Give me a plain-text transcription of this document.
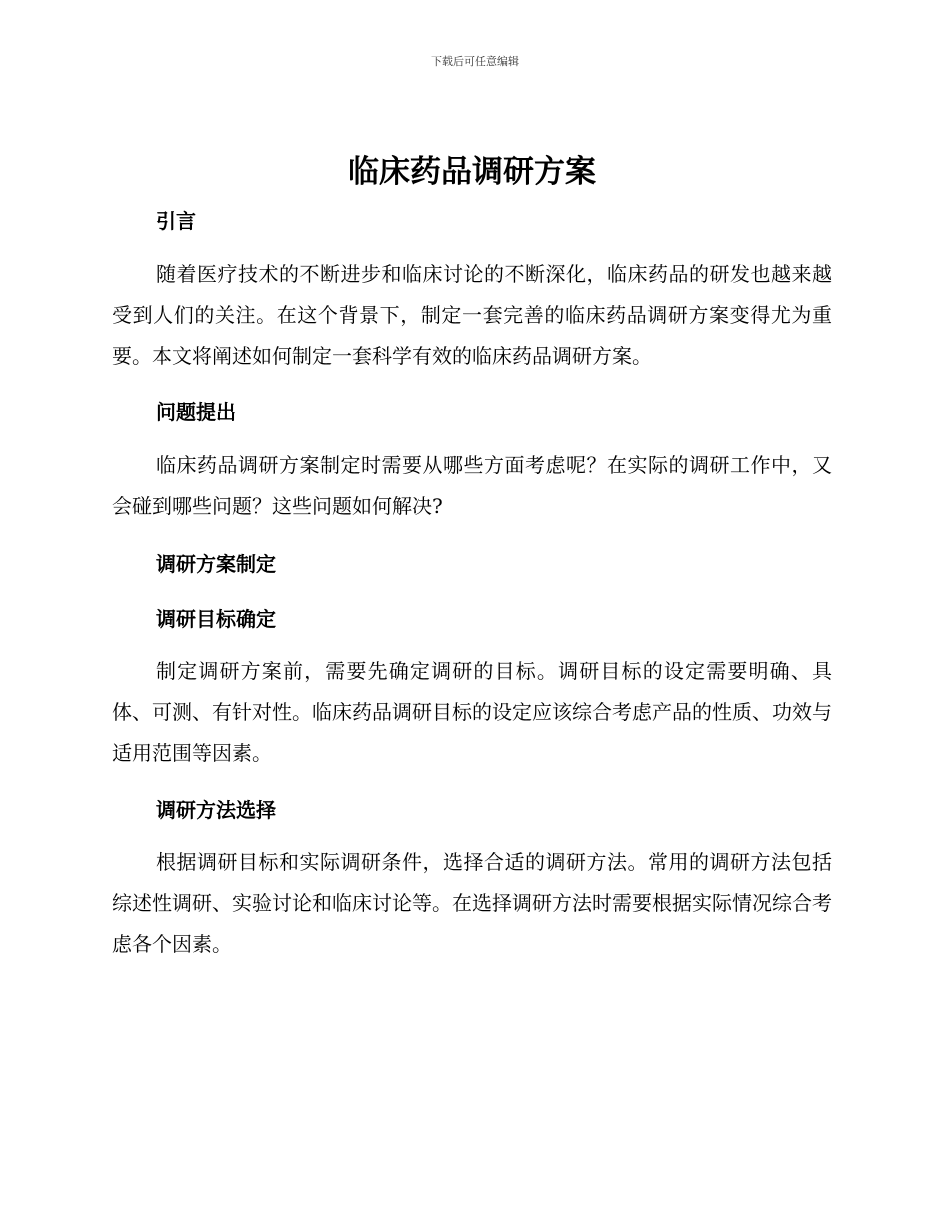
下载后可任意编辑
临床药品调研方案
引言

随着医疗技术的不断进步和临床讨论的不断深化，临床药品的研发也越来越受到人们的关注。在这个背景下，制定一套完善的临床药品调研方案变得尤为重要。本文将阐述如何制定一套科学有效的临床药品调研方案。

问题提出

临床药品调研方案制定时需要从哪些方面考虑呢？在实际的调研工作中，又会碰到哪些问题？这些问题如何解决?

调研方案制定
调研目标确定

制定调研方案前，需要先确定调研的目标。调研目标的设定需要明确、具体、可测、有针对性。临床药品调研目标的设定应该综合考虑产品的性质、功效与适用范围等因素。

调研方法选择

根据调研目标和实际调研条件，选择合适的调研方法。常用的调研方法包括综述性调研、实验讨论和临床讨论等。在选择调研方法时需要根据实际情况综合考虑各个因素。
